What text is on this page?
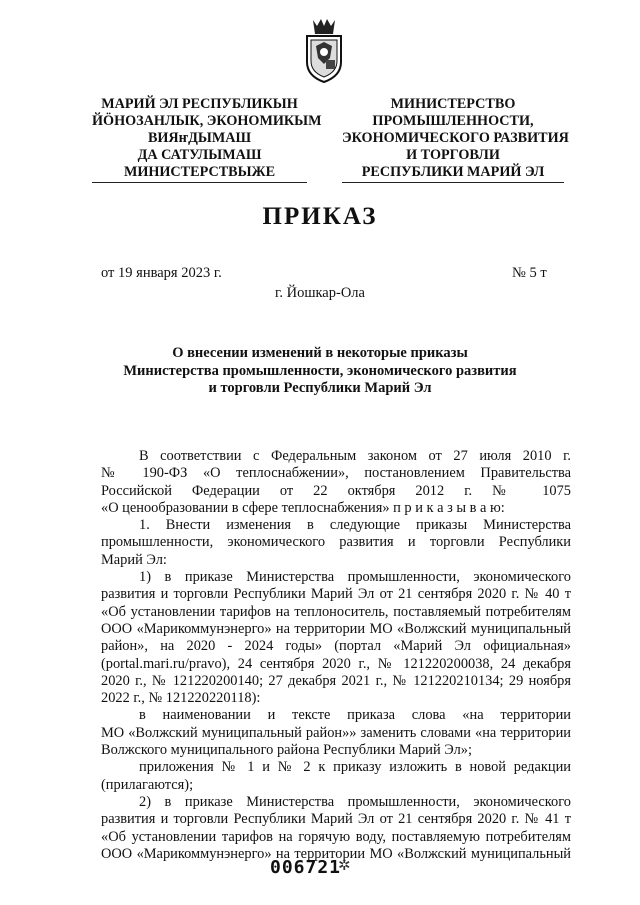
МАРИЙ ЭЛ РЕСПУБЛИКЫН
ЙÖНОЗАНЛЫК, ЭКОНОМИКЫМ
ВИЯҥДЫМАШ
ДА САТУЛЫМАШ
МИНИСТЕРСТВЫЖЕ
МИНИСТЕРСТВО
ПРОМЫШЛЕННОСТИ,
ЭКОНОМИЧЕСКОГО РАЗВИТИЯ
И ТОРГОВЛИ
РЕСПУБЛИКИ МАРИЙ ЭЛ
ПРИКАЗ
от 19 января 2023 г.	№ 5 т
г. Йошкар-Ола
О внесении изменений в некоторые приказы
Министерства промышленности, экономического развития
и торговли Республики Марий Эл

В соответствии с Федеральным законом от 27 июля 2010 г.

№ 190-ФЗ «О теплоснабжении», постановлением Правительства

Российской Федерации от 22 октября 2012 г. № 1075

«О ценообразовании в сфере теплоснабжения» п р и к а з ы в а ю:

1. Внести изменения в следующие приказы Министерства

промышленности, экономического развития и торговли Республики

Марий Эл:

1) в приказе Министерства промышленности, экономического

развития и торговли Республики Марий Эл от 21 сентября 2020 г. № 40 т

«Об установлении тарифов на теплоноситель, поставляемый потребителям

ООО «Марикоммунэнерго» на территории МО «Волжский муниципальный

район», на 2020 - 2024 годы» (портал «Марий Эл официальная»

(portal.mari.ru/pravo), 24 сентября 2020 г., № 121220200038, 24 декабря

2020 г., № 121220200140; 27 декабря 2021 г., № 121220210134; 29 ноября

2022 г., № 121220220118):

в наименовании и тексте приказа слова «на территории

МО «Волжский муниципальный район»» заменить словами «на территории

Волжского муниципального района Республики Марий Эл»;

приложения № 1 и № 2 к приказу изложить в новой редакции

(прилагаются);

2) в приказе Министерства промышленности, экономического

развития и торговли Республики Марий Эл от 21 сентября 2020 г. № 41 т

«Об установлении тарифов на горячую воду, поставляемую потребителям

ООО «Марикоммунэнерго» на территории МО «Волжский муниципальный

006721
✲
